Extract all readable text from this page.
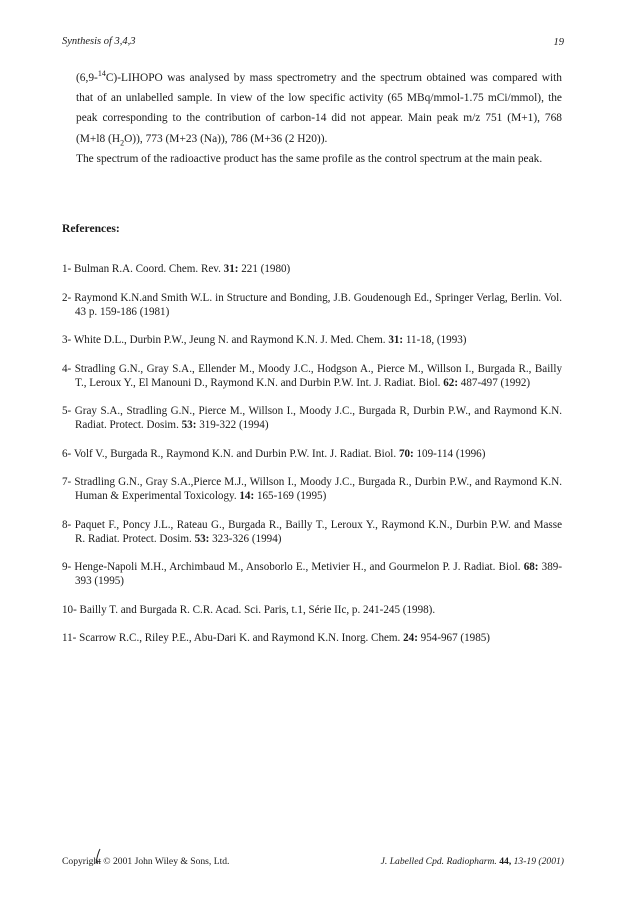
Synthesis of 3,4,3	19

(6,9-$^{14}$C)-LIHOPO was analysed by mass spectrometry and the spectrum obtained was compared with that of an unlabelled sample. In view of the low specific activity (65 MBq/mmol-1.75 mCi/mmol), the peak corresponding to the contribution of carbon-14 did not appear. Main peak m/z 751 (M+1), 768 (M+l8 $(H_2O)$), 773 (M+23 (Na)), 786 (M+36 (2 H20)).

The spectrum of the radioactive product has the same profile as the control spectrum at the main peak.

References:
1- Bulman R.A. Coord. Chem. Rev. 31: 221 (1980)
2- Raymond K.N.and Smith W.L. in Structure and Bonding, J.B. Goudenough Ed., Springer Verlag, Berlin. Vol. 43 p. 159-186 (1981)
3- White D.L., Durbin P.W., Jeung N. and Raymond K.N. J. Med. Chem. 31: 11-18, (1993)
4- Stradling G.N., Gray S.A., Ellender M., Moody J.C., Hodgson A., Pierce M., Willson I., Burgada R., Bailly T., Leroux Y., El Manouni D., Raymond K.N. and Durbin P.W. Int. J. Radiat. Biol. 62: 487-497 (1992)
5- Gray S.A., Stradling G.N., Pierce M., Willson I., Moody J.C., Burgada R, Durbin P.W., and Raymond K.N. Radiat. Protect. Dosim. 53: 319-322 (1994)
6- Volf V., Burgada R., Raymond K.N. and Durbin P.W. Int. J. Radiat. Biol. 70: 109-114 (1996)
7- Stradling G.N., Gray S.A.,Pierce M.J., Willson I., Moody J.C., Burgada R., Durbin P.W., and Raymond K.N. Human & Experimental Toxicology. 14: 165-169 (1995)
8- Paquet F., Poncy J.L., Rateau G., Burgada R., Bailly T., Leroux Y., Raymond K.N., Durbin P.W. and Masse R. Radiat. Protect. Dosim. 53: 323-326 (1994)
9- Henge-Napoli M.H., Archimbaud M., Ansoborlo E., Metivier H., and Gourmelon P. J. Radiat. Biol. 68: 389-393 (1995)
10- Bailly T. and Burgada R. C.R. Acad. Sci. Paris, t.1, Série IIc, p. 241-245 (1998).
11- Scarrow R.C., Riley P.E., Abu-Dari K. and Raymond K.N. Inorg. Chem. 24: 954-967 (1985)
Copyright © 2001 John Wiley & Sons, Ltd.	J. Labelled Cpd. Radiopharm. 44, 13-19 (2001)
